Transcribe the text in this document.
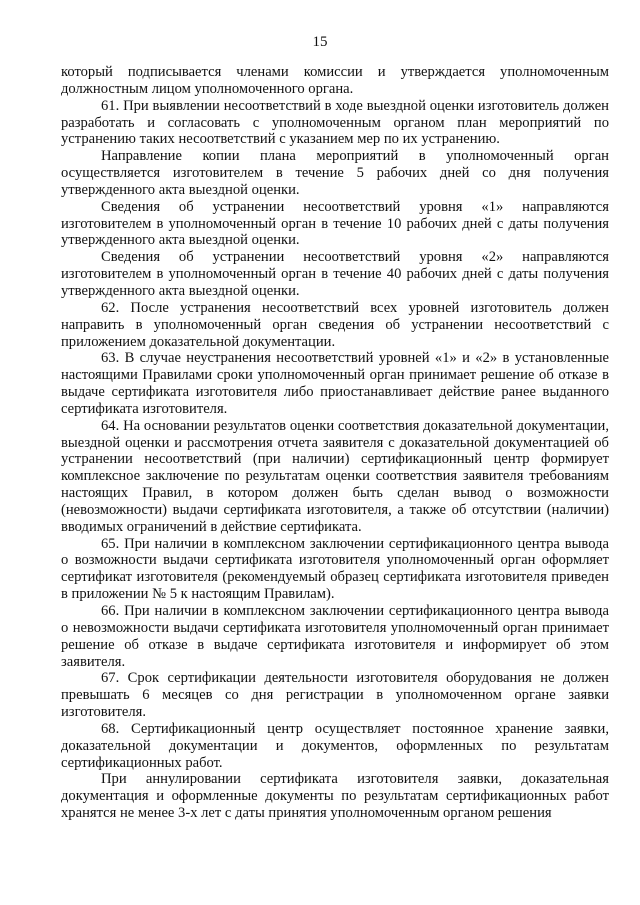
15

который подписывается членами комиссии и утверждается уполномоченным должностным лицом уполномоченного органа.

61. При выявлении несоответствий в ходе выездной оценки изготовитель должен разработать и согласовать с уполномоченным органом план мероприятий по устранению таких несоответствий с указанием мер по их устранению.

Направление копии плана мероприятий в уполномоченный орган осуществляется изготовителем в течение 5 рабочих дней со дня получения утвержденного акта выездной оценки.

Сведения об устранении несоответствий уровня «1» направляются изготовителем в уполномоченный орган в течение 10 рабочих дней с даты получения утвержденного акта выездной оценки.

Сведения об устранении несоответствий уровня «2» направляются изготовителем в уполномоченный орган в течение 40 рабочих дней с даты получения утвержденного акта выездной оценки.

62. После устранения несоответствий всех уровней изготовитель должен направить в уполномоченный орган сведения об устранении несоответствий с приложением доказательной документации.

63. В случае неустранения несоответствий уровней «1» и «2» в установленные настоящими Правилами сроки уполномоченный орган принимает решение об отказе в выдаче сертификата изготовителя либо приостанавливает действие ранее выданного сертификата изготовителя.

64. На основании результатов оценки соответствия доказательной документации, выездной оценки и рассмотрения отчета заявителя с доказательной документацией об устранении несоответствий (при наличии) сертификационный центр формирует комплексное заключение по результатам оценки соответствия заявителя требованиям настоящих Правил, в котором должен быть сделан вывод о возможности (невозможности) выдачи сертификата изготовителя, а также об отсутствии (наличии) вводимых ограничений в действие сертификата.

65. При наличии в комплексном заключении сертификационного центра вывода о возможности выдачи сертификата изготовителя уполномоченный орган оформляет сертификат изготовителя (рекомендуемый образец сертификата изготовителя приведен в приложении № 5 к настоящим Правилам).

66. При наличии в комплексном заключении сертификационного центра вывода о невозможности выдачи сертификата изготовителя уполномоченный орган принимает решение об отказе в выдаче сертификата изготовителя и информирует об этом заявителя.

67. Срок сертификации деятельности изготовителя оборудования не должен превышать 6 месяцев со дня регистрации в уполномоченном органе заявки изготовителя.

68. Сертификационный центр осуществляет постоянное хранение заявки, доказательной документации и документов, оформленных по результатам сертификационных работ.

При аннулировании сертификата изготовителя заявки, доказательная документация и оформленные документы по результатам сертификационных работ хранятся не менее 3-х лет с даты принятия уполномоченным органом решения
